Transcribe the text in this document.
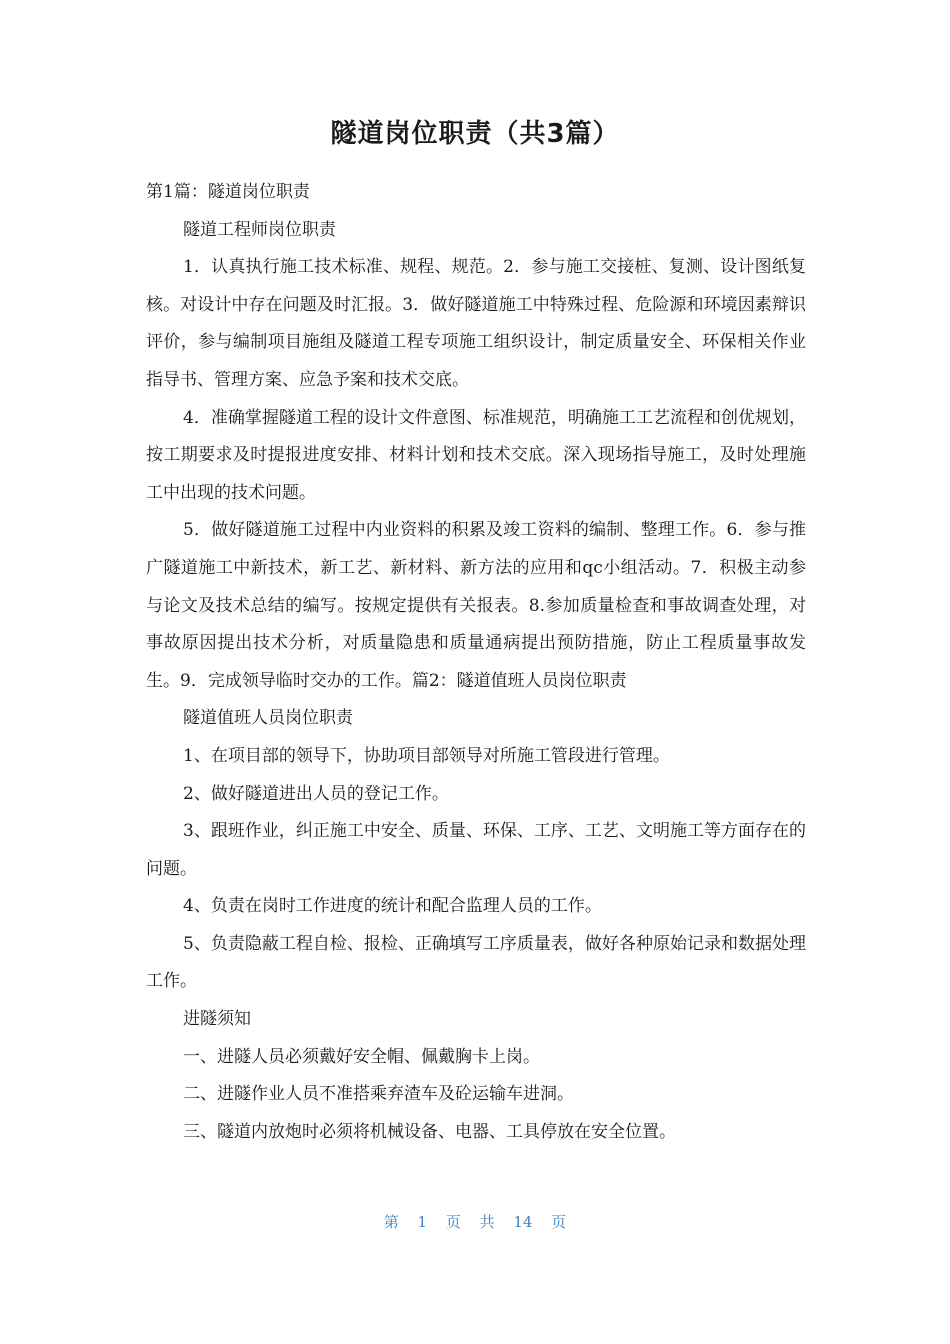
隧道岗位职责（共3篇）

第1篇：隧道岗位职责

隧道工程师岗位职责

1．认真执行施工技术标准、规程、规范。2．参与施工交接桩、复测、设计图纸复核。对设计中存在问题及时汇报。3．做好隧道施工中特殊过程、危险源和环境因素辩识评价，参与编制项目施组及隧道工程专项施工组织设计，制定质量安全、环保相关作业指导书、管理方案、应急予案和技术交底。

4．准确掌握隧道工程的设计文件意图、标准规范，明确施工工艺流程和创优规划，按工期要求及时提报进度安排、材料计划和技术交底。深入现场指导施工，及时处理施工中出现的技术问题。

5．做好隧道施工过程中内业资料的积累及竣工资料的编制、整理工作。6．参与推广隧道施工中新技术，新工艺、新材料、新方法的应用和qc小组活动。7．积极主动参与论文及技术总结的编写。按规定提供有关报表。8.参加质量检查和事故调查处理，对事故原因提出技术分析，对质量隐患和质量通病提出预防措施，防止工程质量事故发生。9．完成领导临时交办的工作。篇2：隧道值班人员岗位职责

隧道值班人员岗位职责

1、在项目部的领导下，协助项目部领导对所施工管段进行管理。

2、做好隧道进出人员的登记工作。

3、跟班作业，纠正施工中安全、质量、环保、工序、工艺、文明施工等方面存在的问题。

4、负责在岗时工作进度的统计和配合监理人员的工作。

5、负责隐蔽工程自检、报检、正确填写工序质量表，做好各种原始记录和数据处理工作。

进隧须知

一、进隧人员必须戴好安全帽、佩戴胸卡上岗。

二、进隧作业人员不准搭乘弃渣车及砼运输车进洞。

三、隧道内放炮时必须将机械设备、电器、工具停放在安全位置。

第 1 页 共 14 页
